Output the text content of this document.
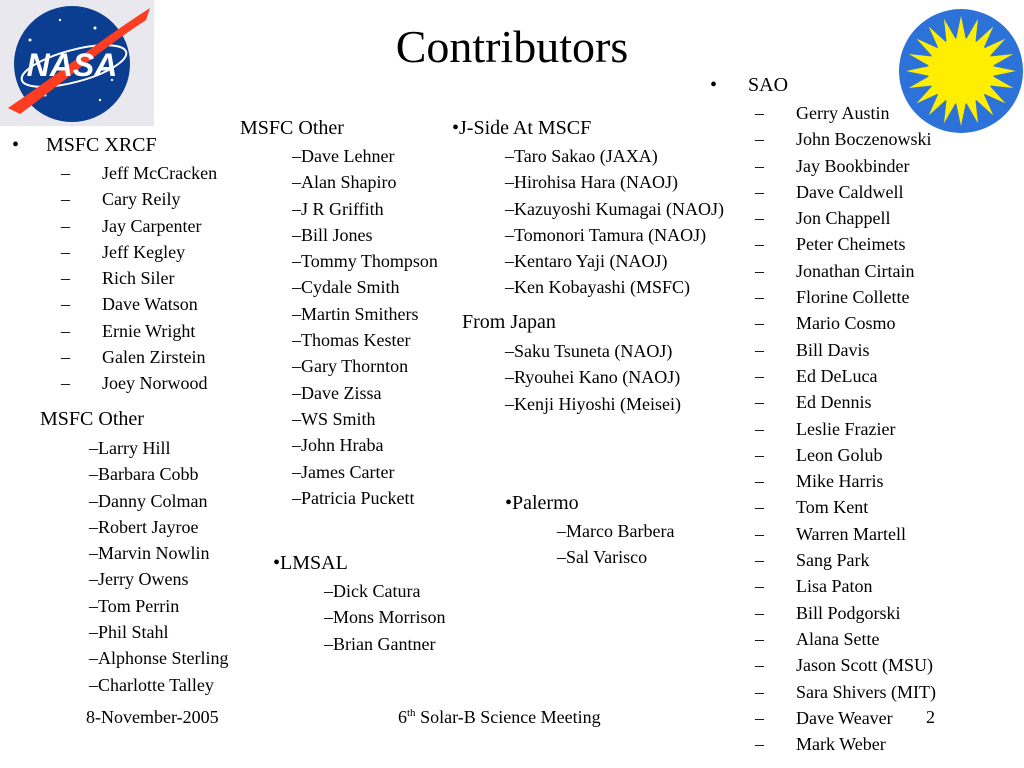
NASA	Contributors
• MSFC XRCF
–	Jeff McCracken
–	Cary Reily
–	Jay Carpenter
–	Jeff Kegley
–	Rich Siler
–	Dave Watson
–	Ernie Wright
–	Galen Zirstein
–	Joey Norwood
MSFC Other
–Larry Hill
–Barbara Cobb
–Danny Colman
–Robert Jayroe
–Marvin Nowlin
–Jerry Owens
–Tom Perrin
–Phil Stahl
–Alphonse Sterling
–Charlotte Talley
MSFC Other
–Dave Lehner
–Alan Shapiro
–J R Griffith
–Bill Jones
–Tommy Thompson
–Cydale Smith
–Martin Smithers
–Thomas Kester
–Gary Thornton
–Dave Zissa
–WS Smith
–John Hraba
–James Carter
–Patricia Puckett
•LMSAL
–Dick Catura
–Mons Morrison
–Brian Gantner
•J-Side At MSCF
–Taro Sakao (JAXA)
–Hirohisa Hara (NAOJ)
–Kazuyoshi Kumagai (NAOJ)
–Tomonori Tamura (NAOJ)
–Kentaro Yaji (NAOJ)
–Ken Kobayashi (MSFC)
From Japan
–Saku Tsuneta (NAOJ)
–Ryouhei Kano (NAOJ)
–Kenji Hiyoshi (Meisei)
•Palermo
–Marco Barbera
–Sal Varisco
• SAO
–	Gerry Austin
–	John Boczenowski
–	Jay Bookbinder
–	Dave Caldwell
–	Jon Chappell
–	Peter Cheimets
–	Jonathan Cirtain
–	Florine Collette
–	Mario Cosmo
–	Bill Davis
–	Ed DeLuca
–	Ed Dennis
–	Leslie Frazier
–	Leon Golub
–	Mike Harris
–	Tom Kent
–	Warren Martell
–	Sang Park
–	Lisa Paton
–	Bill Podgorski
–	Alana Sette
–	Jason Scott (MSU)
–	Sara Shivers (MIT)
–	Dave Weaver
–	Mark Weber
8-November-2005	6th Solar-B Science Meeting	2
